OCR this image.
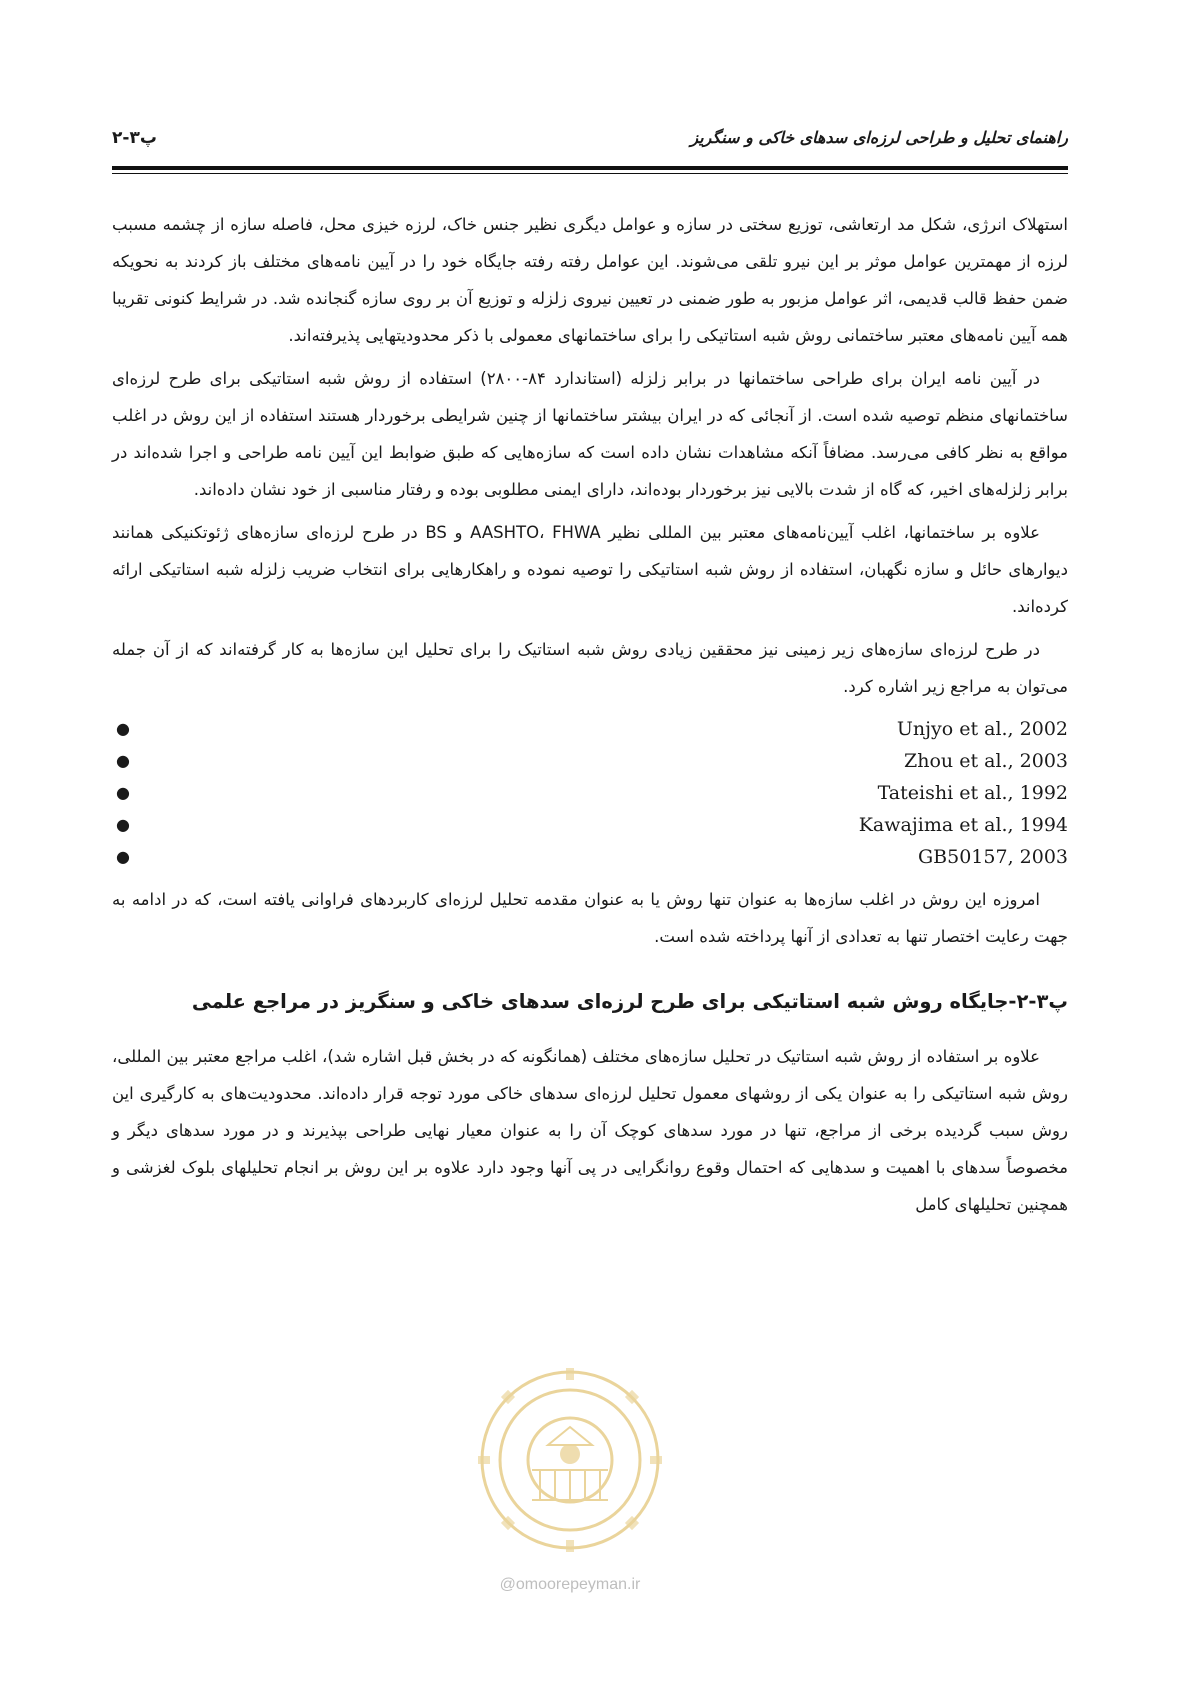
راهنمای تحلیل و طراحی لرزه‌ای سدهای خاکی و سنگریز
پ۳-۲

استهلاک انرژی، شکل مد ارتعاشی، توزیع سختی در سازه و عوامل دیگری نظیر جنس خاک، لرزه خیزی محل، فاصله سازه از چشمه مسبب لرزه از مهمترین عوامل موثر بر این نیرو تلقی می‌شوند. این عوامل رفته رفته جایگاه خود را در آیین نامه‌های مختلف باز کردند به نحویکه ضمن حفظ قالب قدیمی، اثر عوامل مزبور به طور ضمنی در تعیین نیروی زلزله و توزیع آن بر روی سازه گنجانده شد. در شرایط کنونی تقریبا همه آیین نامه‌های معتبر ساختمانی روش شبه استاتیکی را برای ساختمانهای معمولی با ذکر محدودیتهایی پذیرفته‌اند.

در آیین نامه ایران برای طراحی ساختمانها در برابر زلزله (استاندارد ۸۴-۲۸۰۰) استفاده از روش شبه استاتیکی برای طرح لرزه‌ای ساختمانهای منظم توصیه شده است. از آنجائی که در ایران بیشتر ساختمانها از چنین شرایطی برخوردار هستند استفاده از این روش در اغلب مواقع به نظر کافی می‌رسد. مضافاً آنکه مشاهدات نشان داده است که سازه‌هایی که طبق ضوابط این آیین نامه طراحی و اجرا شده‌اند در برابر زلزله‌های اخیر، که گاه از شدت بالایی نیز برخوردار بوده‌اند، دارای ایمنی مطلوبی بوده و رفتار مناسبی از خود نشان داده‌اند.

علاوه بر ساختمانها، اغلب آیین‌نامه‌های معتبر بین المللی نظیر AASHTO، FHWA و BS در طرح لرزه‌ای سازه‌های ژئوتکنیکی همانند دیوارهای حائل و سازه نگهبان، استفاده از روش شبه استاتیکی را توصیه نموده و راهکارهایی برای انتخاب ضریب زلزله شبه استاتیکی ارائه کرده‌اند.

در طرح لرزه‌ای سازه‌های زیر زمینی نیز محققین زیادی روش شبه استاتیک را برای تحلیل این سازه‌ها به کار گرفته‌اند که از آن جمله می‌توان به مراجع زیر اشاره کرد.

●	Unjyo et al., 2002
●	Zhou et al., 2003
●	Tateishi et al., 1992
●	Kawajima et al., 1994
●	GB50157, 2003

امروزه این روش در اغلب سازه‌ها به عنوان تنها روش یا به عنوان مقدمه تحلیل لرزه‌ای کاربردهای فراوانی یافته است، که در ادامه به جهت رعایت اختصار تنها به تعدادی از آنها پرداخته شده است.

پ۳-۲-جایگاه روش شبه استاتیکی برای طرح لرزه‌ای سدهای خاکی و سنگریز در مراجع علمی

علاوه بر استفاده از روش شبه استاتیک در تحلیل سازه‌های مختلف (همانگونه که در بخش قبل اشاره شد)، اغلب مراجع معتبر بین المللی، روش شبه استاتیکی را به عنوان یکی از روشهای معمول تحلیل لرزه‌ای سدهای خاکی مورد توجه قرار داده‌اند. محدودیت‌های به کارگیری این روش سبب گردیده برخی از مراجع، تنها در مورد سدهای کوچک آن را به عنوان معیار نهایی طراحی بپذیرند و در مورد سدهای دیگر و مخصوصاً سدهای با اهمیت و سدهایی که احتمال وقوع روانگرایی در پی آنها وجود دارد علاوه بر این روش بر انجام تحلیلهای بلوک لغزشی و همچنین تحلیلهای کامل

@omoorepeyman.ir
